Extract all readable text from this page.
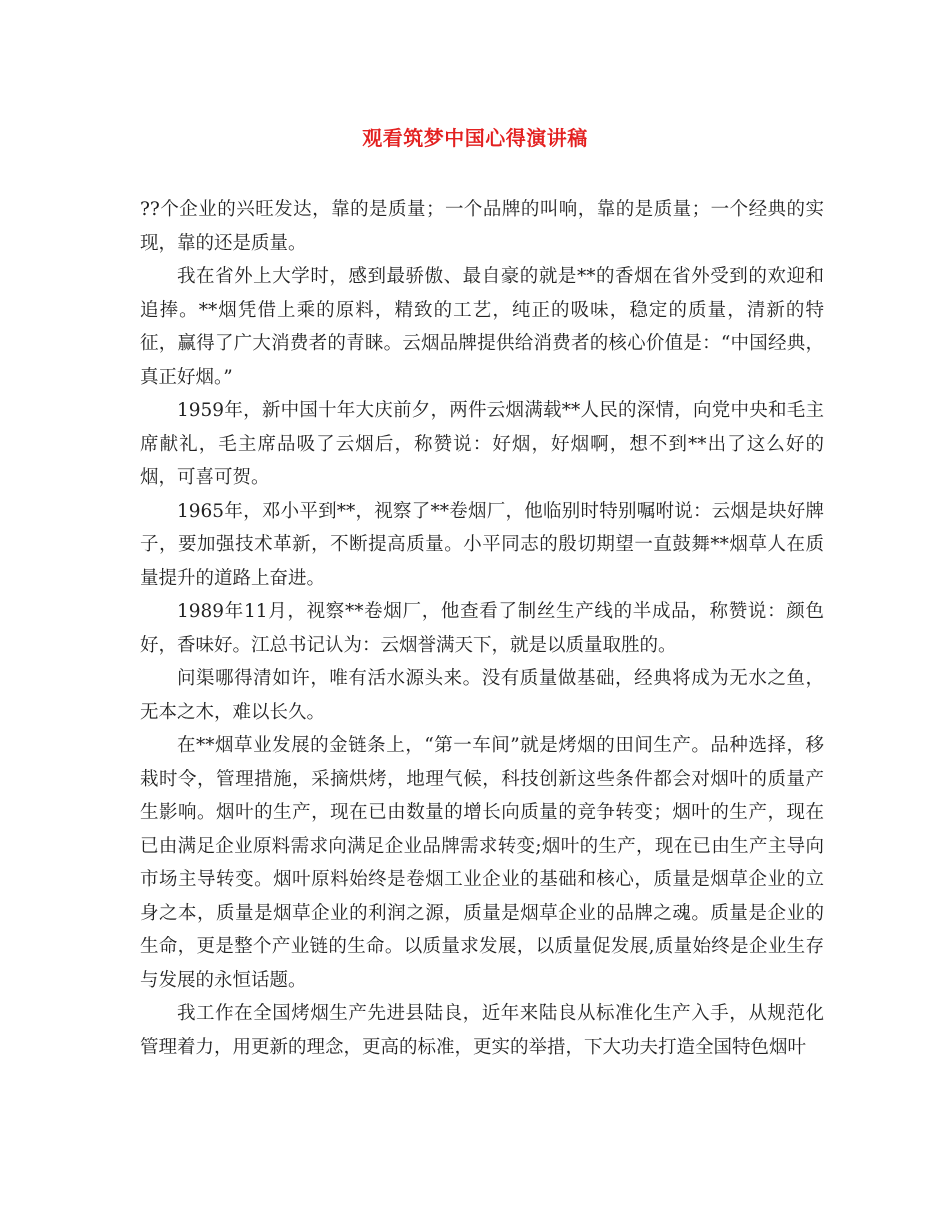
观看筑梦中国心得演讲稿

??个企业的兴旺发达，靠的是质量；一个品牌的叫响，靠的是质量；一个经典的实现，靠的还是质量。

我在省外上大学时，感到最骄傲、最自豪的就是**的香烟在省外受到的欢迎和追捧。**烟凭借上乘的原料，精致的工艺，纯正的吸味，稳定的质量，清新的特征，赢得了广大消费者的青睐。云烟品牌提供给消费者的核心价值是：“中国经典，真正好烟。”

1959年，新中国十年大庆前夕，两件云烟满载**人民的深情，向党中央和毛主席献礼，毛主席品吸了云烟后，称赞说：好烟，好烟啊，想不到**出了这么好的烟，可喜可贺。

1965年，邓小平到**，视察了**卷烟厂，他临别时特别嘱咐说：云烟是块好牌子，要加强技术革新，不断提高质量。小平同志的殷切期望一直鼓舞**烟草人在质量提升的道路上奋进。

1989年11月，视察**卷烟厂，他查看了制丝生产线的半成品，称赞说：颜色好，香味好。江总书记认为：云烟誉满天下，就是以质量取胜的。

问渠哪得清如许，唯有活水源头来。没有质量做基础，经典将成为无水之鱼，无本之木，难以长久。

在**烟草业发展的金链条上，“第一车间”就是烤烟的田间生产。品种选择，移栽时令，管理措施，采摘烘烤，地理气候，科技创新这些条件都会对烟叶的质量产生影响。烟叶的生产，现在已由数量的增长向质量的竞争转变；烟叶的生产，现在已由满足企业原料需求向满足企业品牌需求转变;烟叶的生产，现在已由生产主导向市场主导转变。烟叶原料始终是卷烟工业企业的基础和核心，质量是烟草企业的立身之本，质量是烟草企业的利润之源，质量是烟草企业的品牌之魂。质量是企业的生命，更是整个产业链的生命。以质量求发展，以质量促发展,质量始终是企业生存与发展的永恒话题。

我工作在全国烤烟生产先进县陆良，近年来陆良从标准化生产入手，从规范化管理着力，用更新的理念，更高的标准，更实的举措，下大功夫打造全国特色烟叶
